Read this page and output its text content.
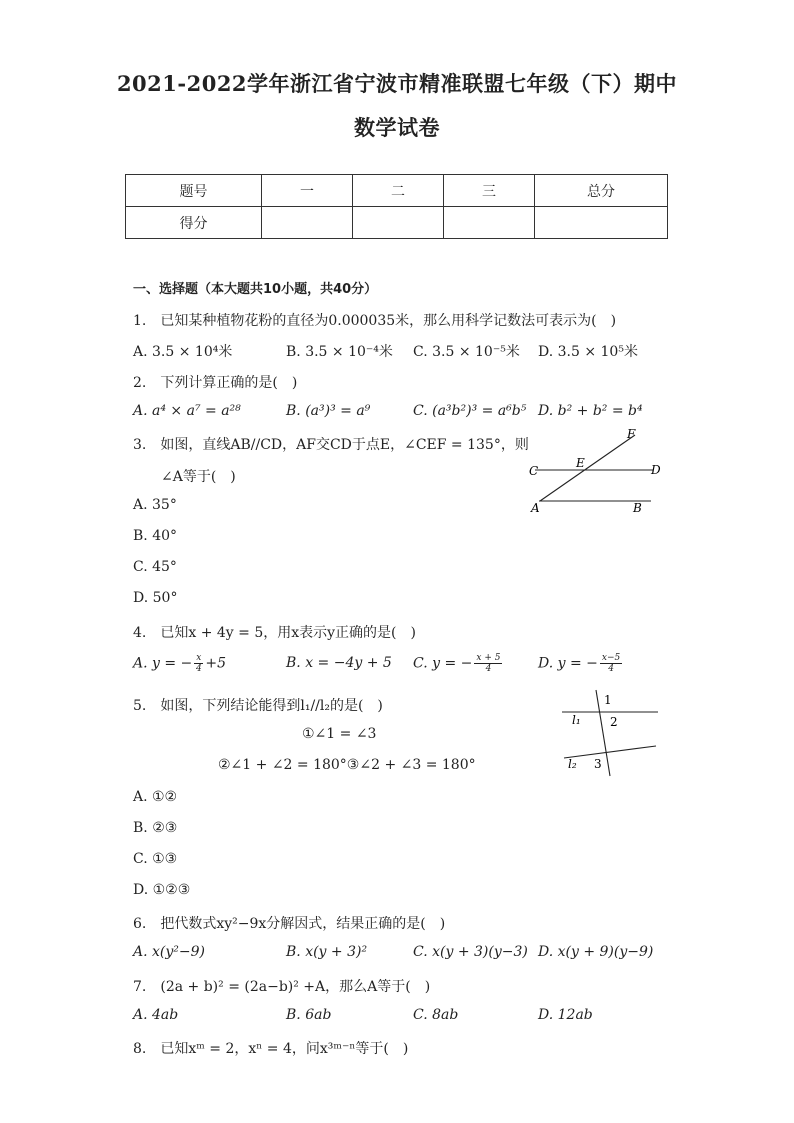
2021-2022学年浙江省宁波市精准联盟七年级（下）期中
数学试卷
题号	一	二	三	总分
得分				
一、选择题（本大题共10小题，共40分）
1.　已知某种植物花粉的直径为0.000035米，那么用科学记数法可表示为(　)
A. 3.5 × 10⁴米	B. 3.5 × 10⁻⁴米 C. 3.5 × 10⁻⁵米 D. 3.5 × 10⁵米
2.　下列计算正确的是(　)
A. a⁴ × a⁷ = a²⁸	B. (a³)³ = a⁹	C. (a³b²)³ = a⁶b⁵ D. b² + b² = b⁴
3.　如图，直线AB//CD，AF交CD于点E，∠CEF = 135°，则
∠A等于(　)
A. 35°
B. 40°
C. 45°
D. 50°
F
C
E	D
A	B
4.　已知x + 4y = 5，用x表示y正确的是(　)
A. y = − $\frac{x}{4} +5$	B. x = −4y + 5 C. y = − $\frac{x + 5}{4}$	D. y = − $\frac{x-5}{4}$
5.　如图，下列结论能得到l₁//l₂的是(　)
①∠1 = ∠3
②∠1 + ∠2 = 180°③∠2 + ∠3 = 180°
A. ①②
B. ②③
C. ①③
D. ①②③
1
l₁ 2
l₂ 3
6.　把代数式xy²−9x分解因式，结果正确的是(　)
A. x(y²−9)	B. x(y + 3)²	C. x(y + 3)(y−3) D. x(y + 9)(y−9)
7.　(2a + b)² = (2a−b)² +A，那么A等于(　)
A. 4ab	B. 6ab	C. 8ab	D. 12ab
8.　已知xᵐ = 2，xⁿ = 4，问x³ᵐ⁻ⁿ等于(　)
